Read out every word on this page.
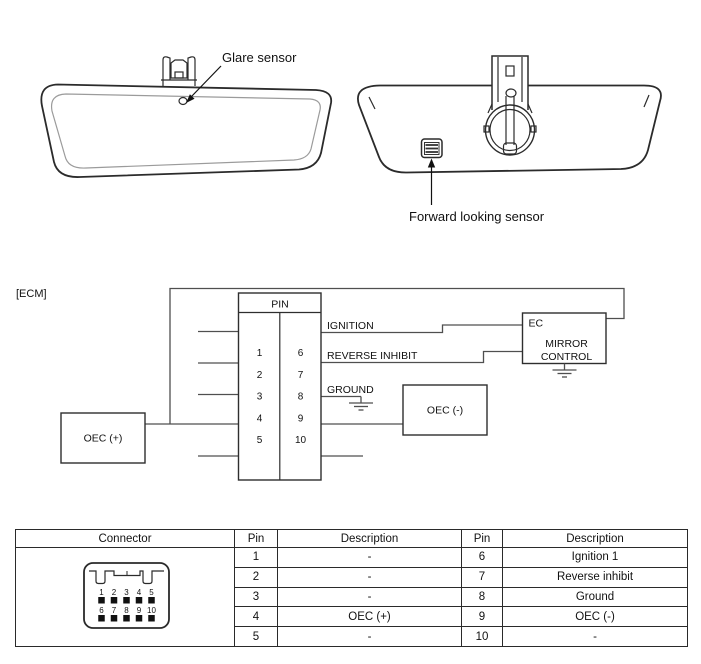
Glare sensor
Forward looking sensor
[ECM]
IGNITION
REVERSE INHIBIT
GROUND
PIN
1
2
3
4
5
6
7
8
9
10
OEC (+)
OEC (-)
EC
MIRROR
CONTROL
Connector	Pin	Description	Pin	Description

1 2 3 4 5
6 7 8 9 10
	1	-	6	Ignition 1
	2	-	7	Reverse inhibit
	3	-	8	Ground
	4	OEC (+)	9	OEC (-)
	5	-	10	-
